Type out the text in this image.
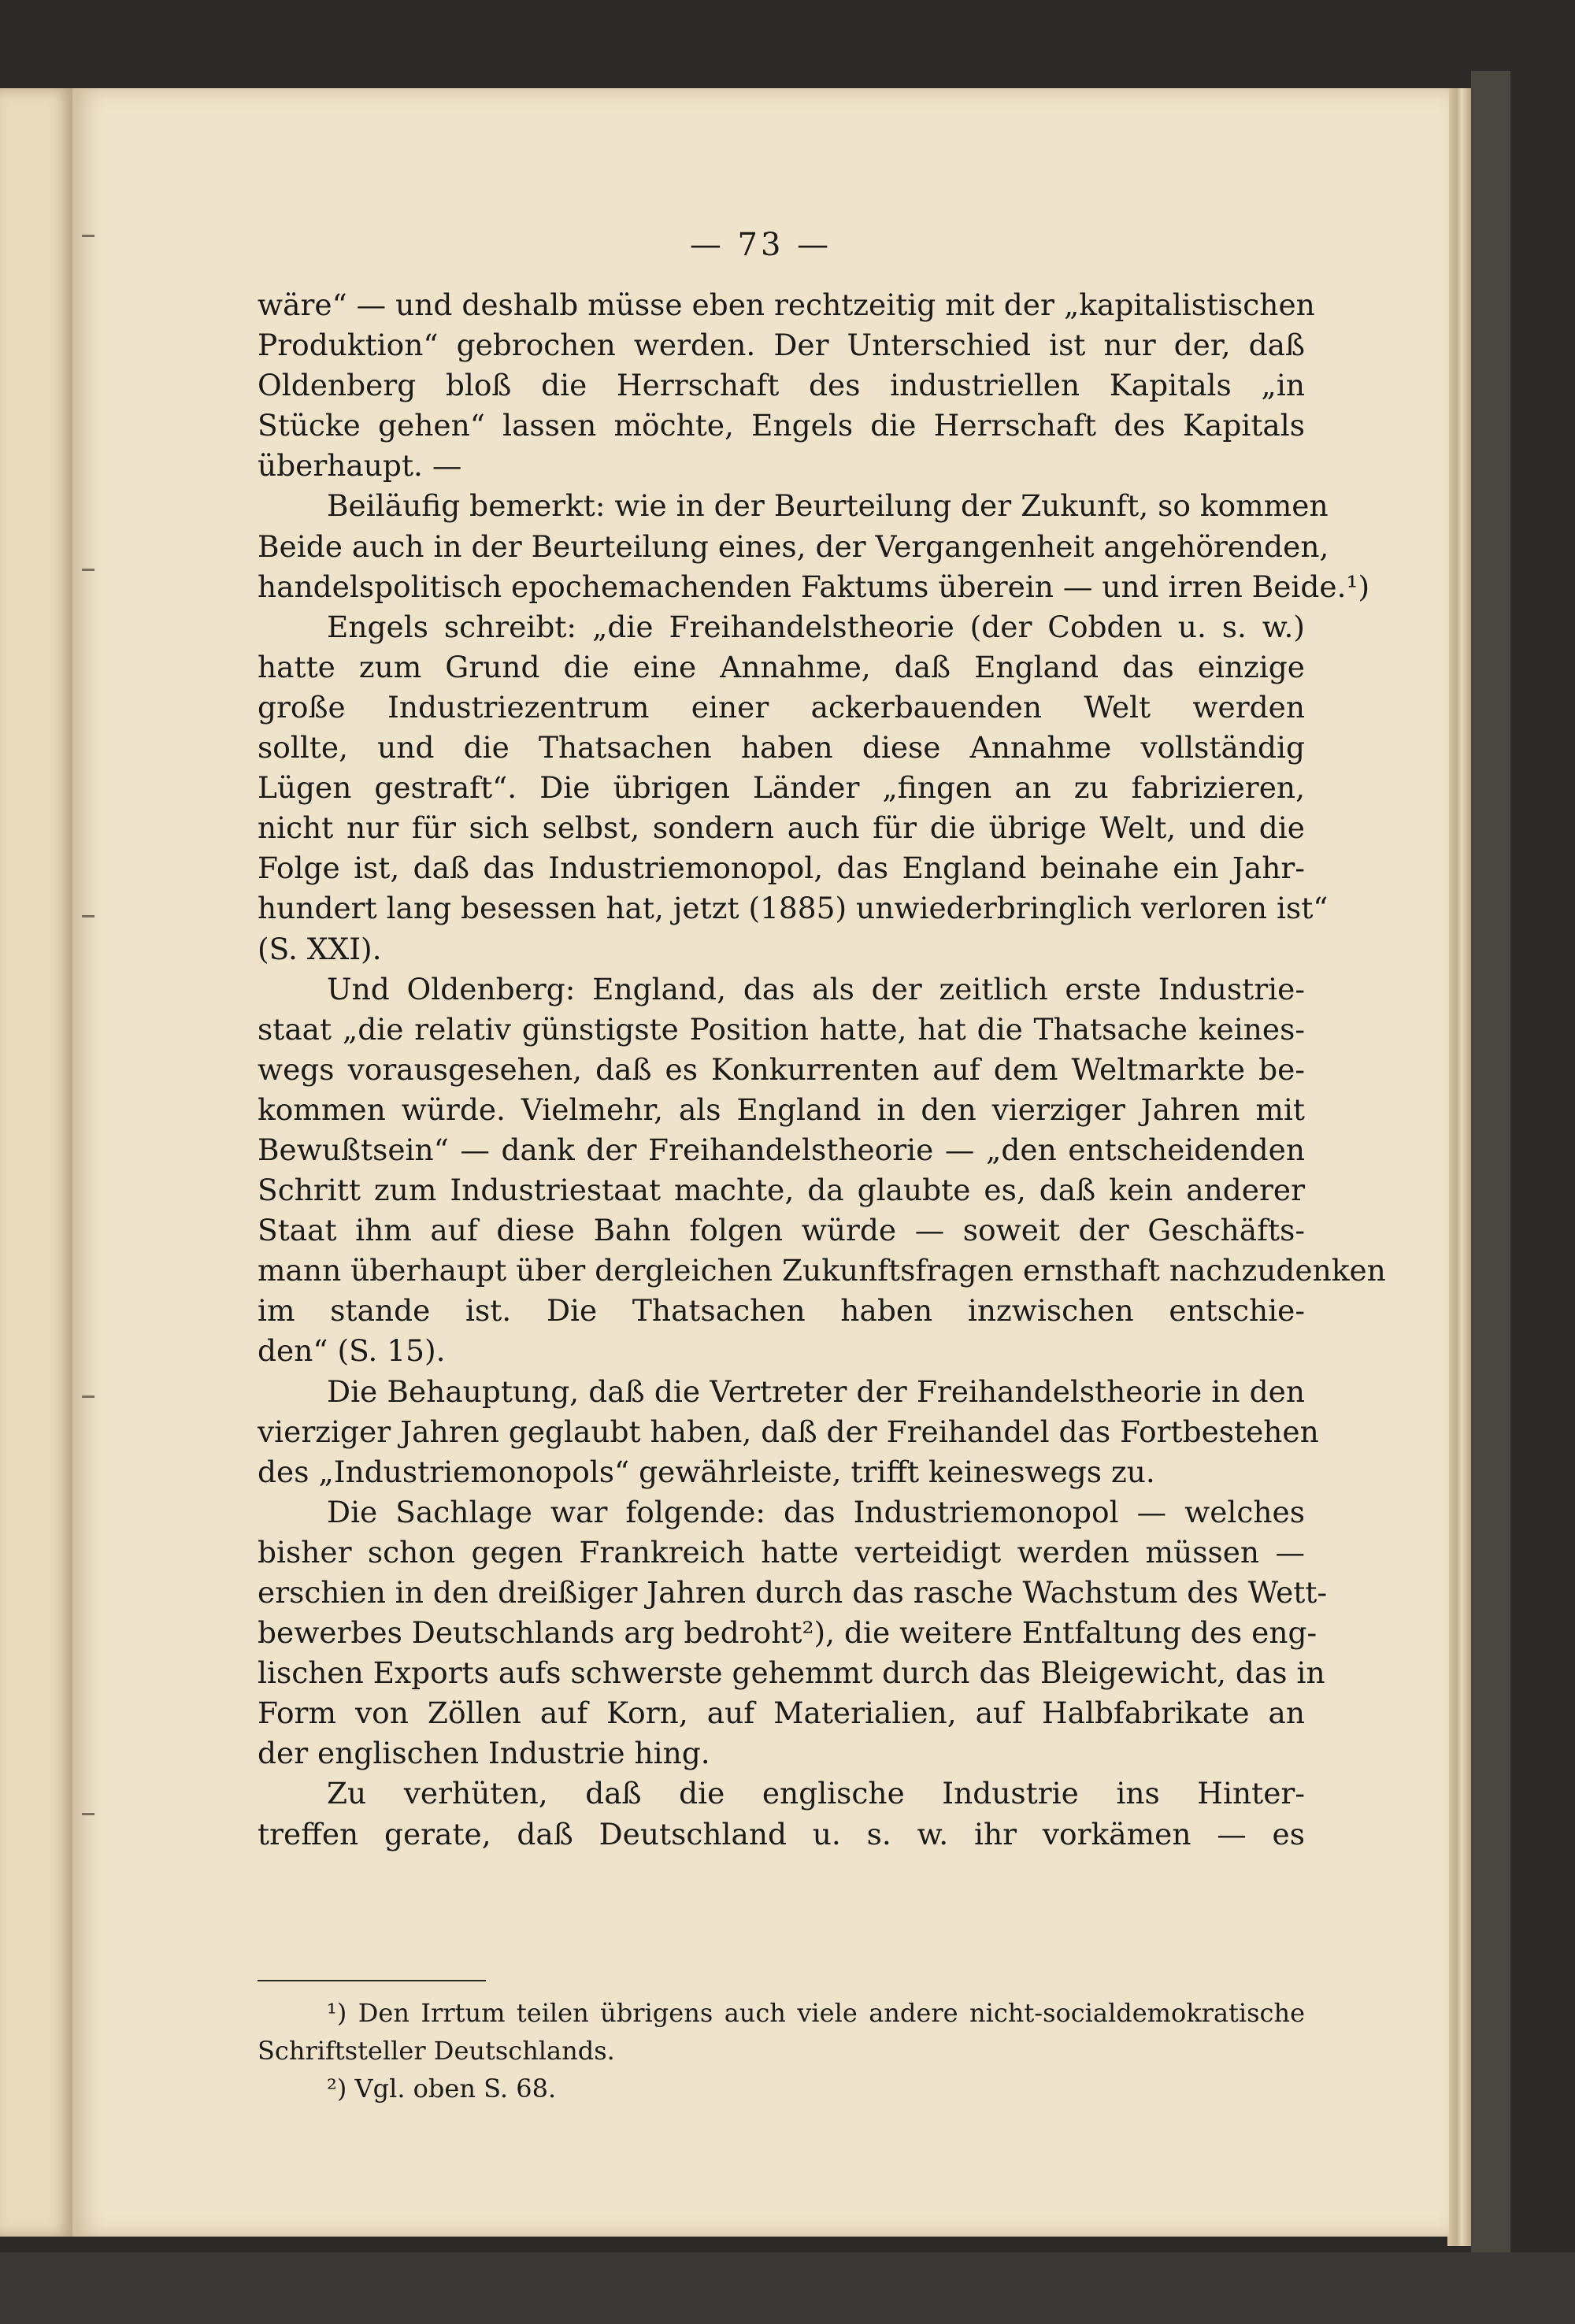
— 73 —
wäre“ — und deshalb müsse eben rechtzeitig mit der „kapitalistischen
Produktion“ gebrochen werden. Der Unterschied ist nur der, daß
Oldenberg bloß die Herrschaft des industriellen Kapitals „in
Stücke gehen“ lassen möchte, Engels die Herrschaft des Kapitals
überhaupt. —
Beiläufig bemerkt: wie in der Beurteilung der Zukunft, so kommen
Beide auch in der Beurteilung eines, der Vergangenheit angehörenden,
handelspolitisch epochemachenden Faktums überein — und irren Beide.¹)
Engels schreibt: „die Freihandelstheorie (der Cobden u. s. w.)
hatte zum Grund die eine Annahme, daß England das einzige
große Industriezentrum einer ackerbauenden Welt werden
sollte, und die Thatsachen haben diese Annahme vollständig
Lügen gestraft“. Die übrigen Länder „fingen an zu fabrizieren,
nicht nur für sich selbst, sondern auch für die übrige Welt, und die
Folge ist, daß das Industriemonopol, das England beinahe ein Jahr-
hundert lang besessen hat, jetzt (1885) unwiederbringlich verloren ist“
(S. XXI).
Und Oldenberg: England, das als der zeitlich erste Industrie-
staat „die relativ günstigste Position hatte, hat die Thatsache keines-
wegs vorausgesehen, daß es Konkurrenten auf dem Weltmarkte be-
kommen würde. Vielmehr, als England in den vierziger Jahren mit
Bewußtsein“ — dank der Freihandelstheorie — „den entscheidenden
Schritt zum Industriestaat machte, da glaubte es, daß kein anderer
Staat ihm auf diese Bahn folgen würde — soweit der Geschäfts-
mann überhaupt über dergleichen Zukunftsfragen ernsthaft nachzudenken
im stande ist. Die Thatsachen haben inzwischen entschie-
den“ (S. 15).
Die Behauptung, daß die Vertreter der Freihandelstheorie in den
vierziger Jahren geglaubt haben, daß der Freihandel das Fortbestehen
des „Industriemonopols“ gewährleiste, trifft keineswegs zu.
Die Sachlage war folgende: das Industriemonopol — welches
bisher schon gegen Frankreich hatte verteidigt werden müssen —
erschien in den dreißiger Jahren durch das rasche Wachstum des Wett-
bewerbes Deutschlands arg bedroht²), die weitere Entfaltung des eng-
lischen Exports aufs schwerste gehemmt durch das Bleigewicht, das in
Form von Zöllen auf Korn, auf Materialien, auf Halbfabrikate an
der englischen Industrie hing.
Zu verhüten, daß die englische Industrie ins Hinter-
treffen gerate, daß Deutschland u. s. w. ihr vorkämen — es
¹) Den Irrtum teilen übrigens auch viele andere nicht-socialdemokratische
Schriftsteller Deutschlands.
²) Vgl. oben S. 68.
